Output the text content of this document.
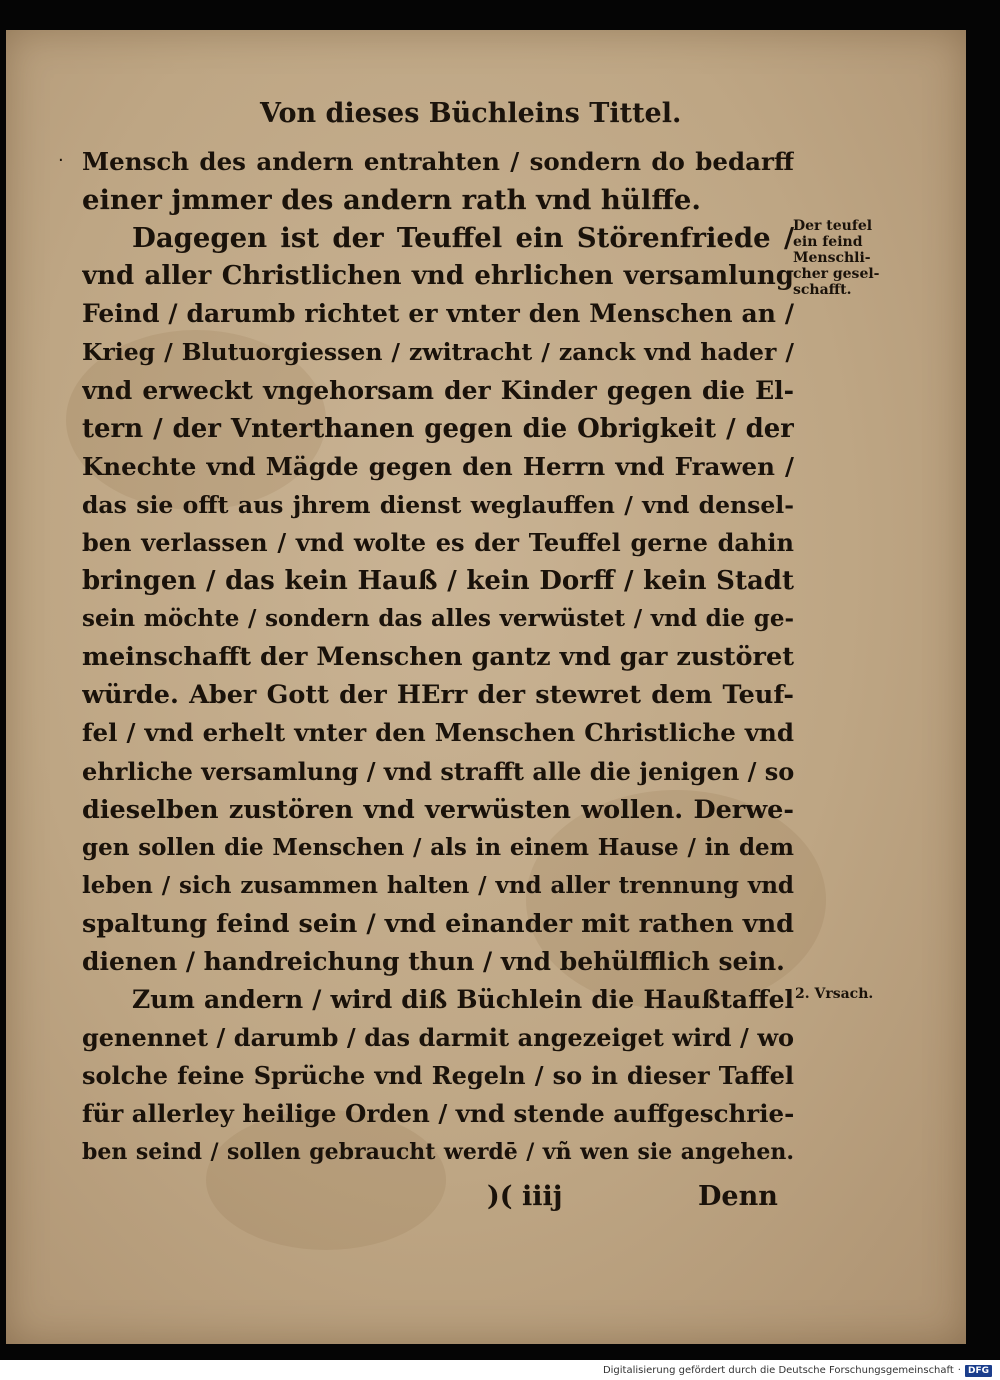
Von dieses Büchleins Tittel.
· Mensch des andern entrahten / sondern do bedarff
einer jmmer des andern rath vnd hülffe.
Dagegen ist der Teuffel ein Störenfriede /
vnd aller Christlichen vnd ehrlichen versamlung
Feind / darumb richtet er vnter den Menschen an /
Krieg / Blutuorgiessen / zwitracht / zanck vnd hader /
vnd erweckt vngehorsam der Kinder gegen die El-
tern / der Vnterthanen gegen die Obrigkeit / der
Knechte vnd Mägde gegen den Herrn vnd Frawen /
das sie offt aus jhrem dienst weglauffen / vnd densel-
ben verlassen / vnd wolte es der Teuffel gerne dahin
bringen / das kein Hauß / kein Dorff / kein Stadt
sein möchte / sondern das alles verwüstet / vnd die ge-
meinschafft der Menschen gantz vnd gar zustöret
würde. Aber Gott der HErr der stewret dem Teuf-
fel / vnd erhelt vnter den Menschen Christliche vnd
ehrliche versamlung / vnd strafft alle die jenigen / so
dieselben zustören vnd verwüsten wollen. Derwe-
gen sollen die Menschen / als in einem Hause / in dem
leben / sich zusammen halten / vnd aller trennung vnd
spaltung feind sein / vnd einander mit rathen vnd
dienen / handreichung thun / vnd behülfflich sein.
Zum andern / wird diß Büchlein die Haußtaffel
genennet / darumb / das darmit angezeiget wird / wo
solche feine Sprüche vnd Regeln / so in dieser Taffel
für allerley heilige Orden / vnd stende auffgeschrie-
ben seind / sollen gebraucht werdē / vñ wen sie angehen.
Der teufel
ein feind
Menschli-
cher gesel-
schafft.
2. Vrsach.
)( iiij	Denn
Digitalisierung gefördert durch die Deutsche Forschungsgemeinschaft · DFG
